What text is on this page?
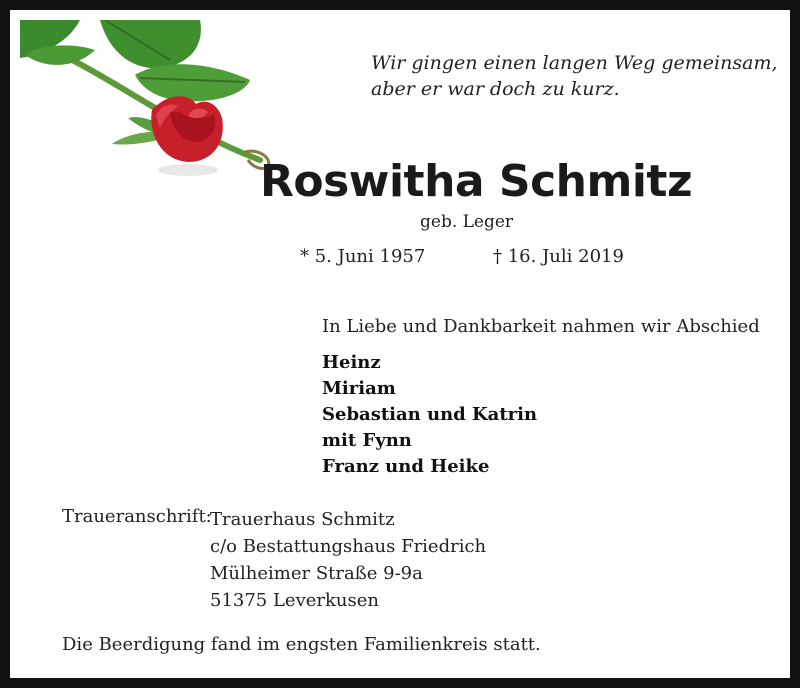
Wir gingen einen langen Weg gemeinsam,
aber er war doch zu kurz.

Roswitha Schmitz
geb. Leger
* 5. Juni 1957	† 16. Juli 2019
In Liebe und Dankbarkeit nahmen wir Abschied
Heinz
Miriam
Sebastian und Katrin
mit Fynn
Franz und Heike
Traueranschrift:
Trauerhaus Schmitz
c/o Bestattungshaus Friedrich
Mülheimer Straße 9-9a
51375 Leverkusen
Die Beerdigung fand im engsten Familienkreis statt.
